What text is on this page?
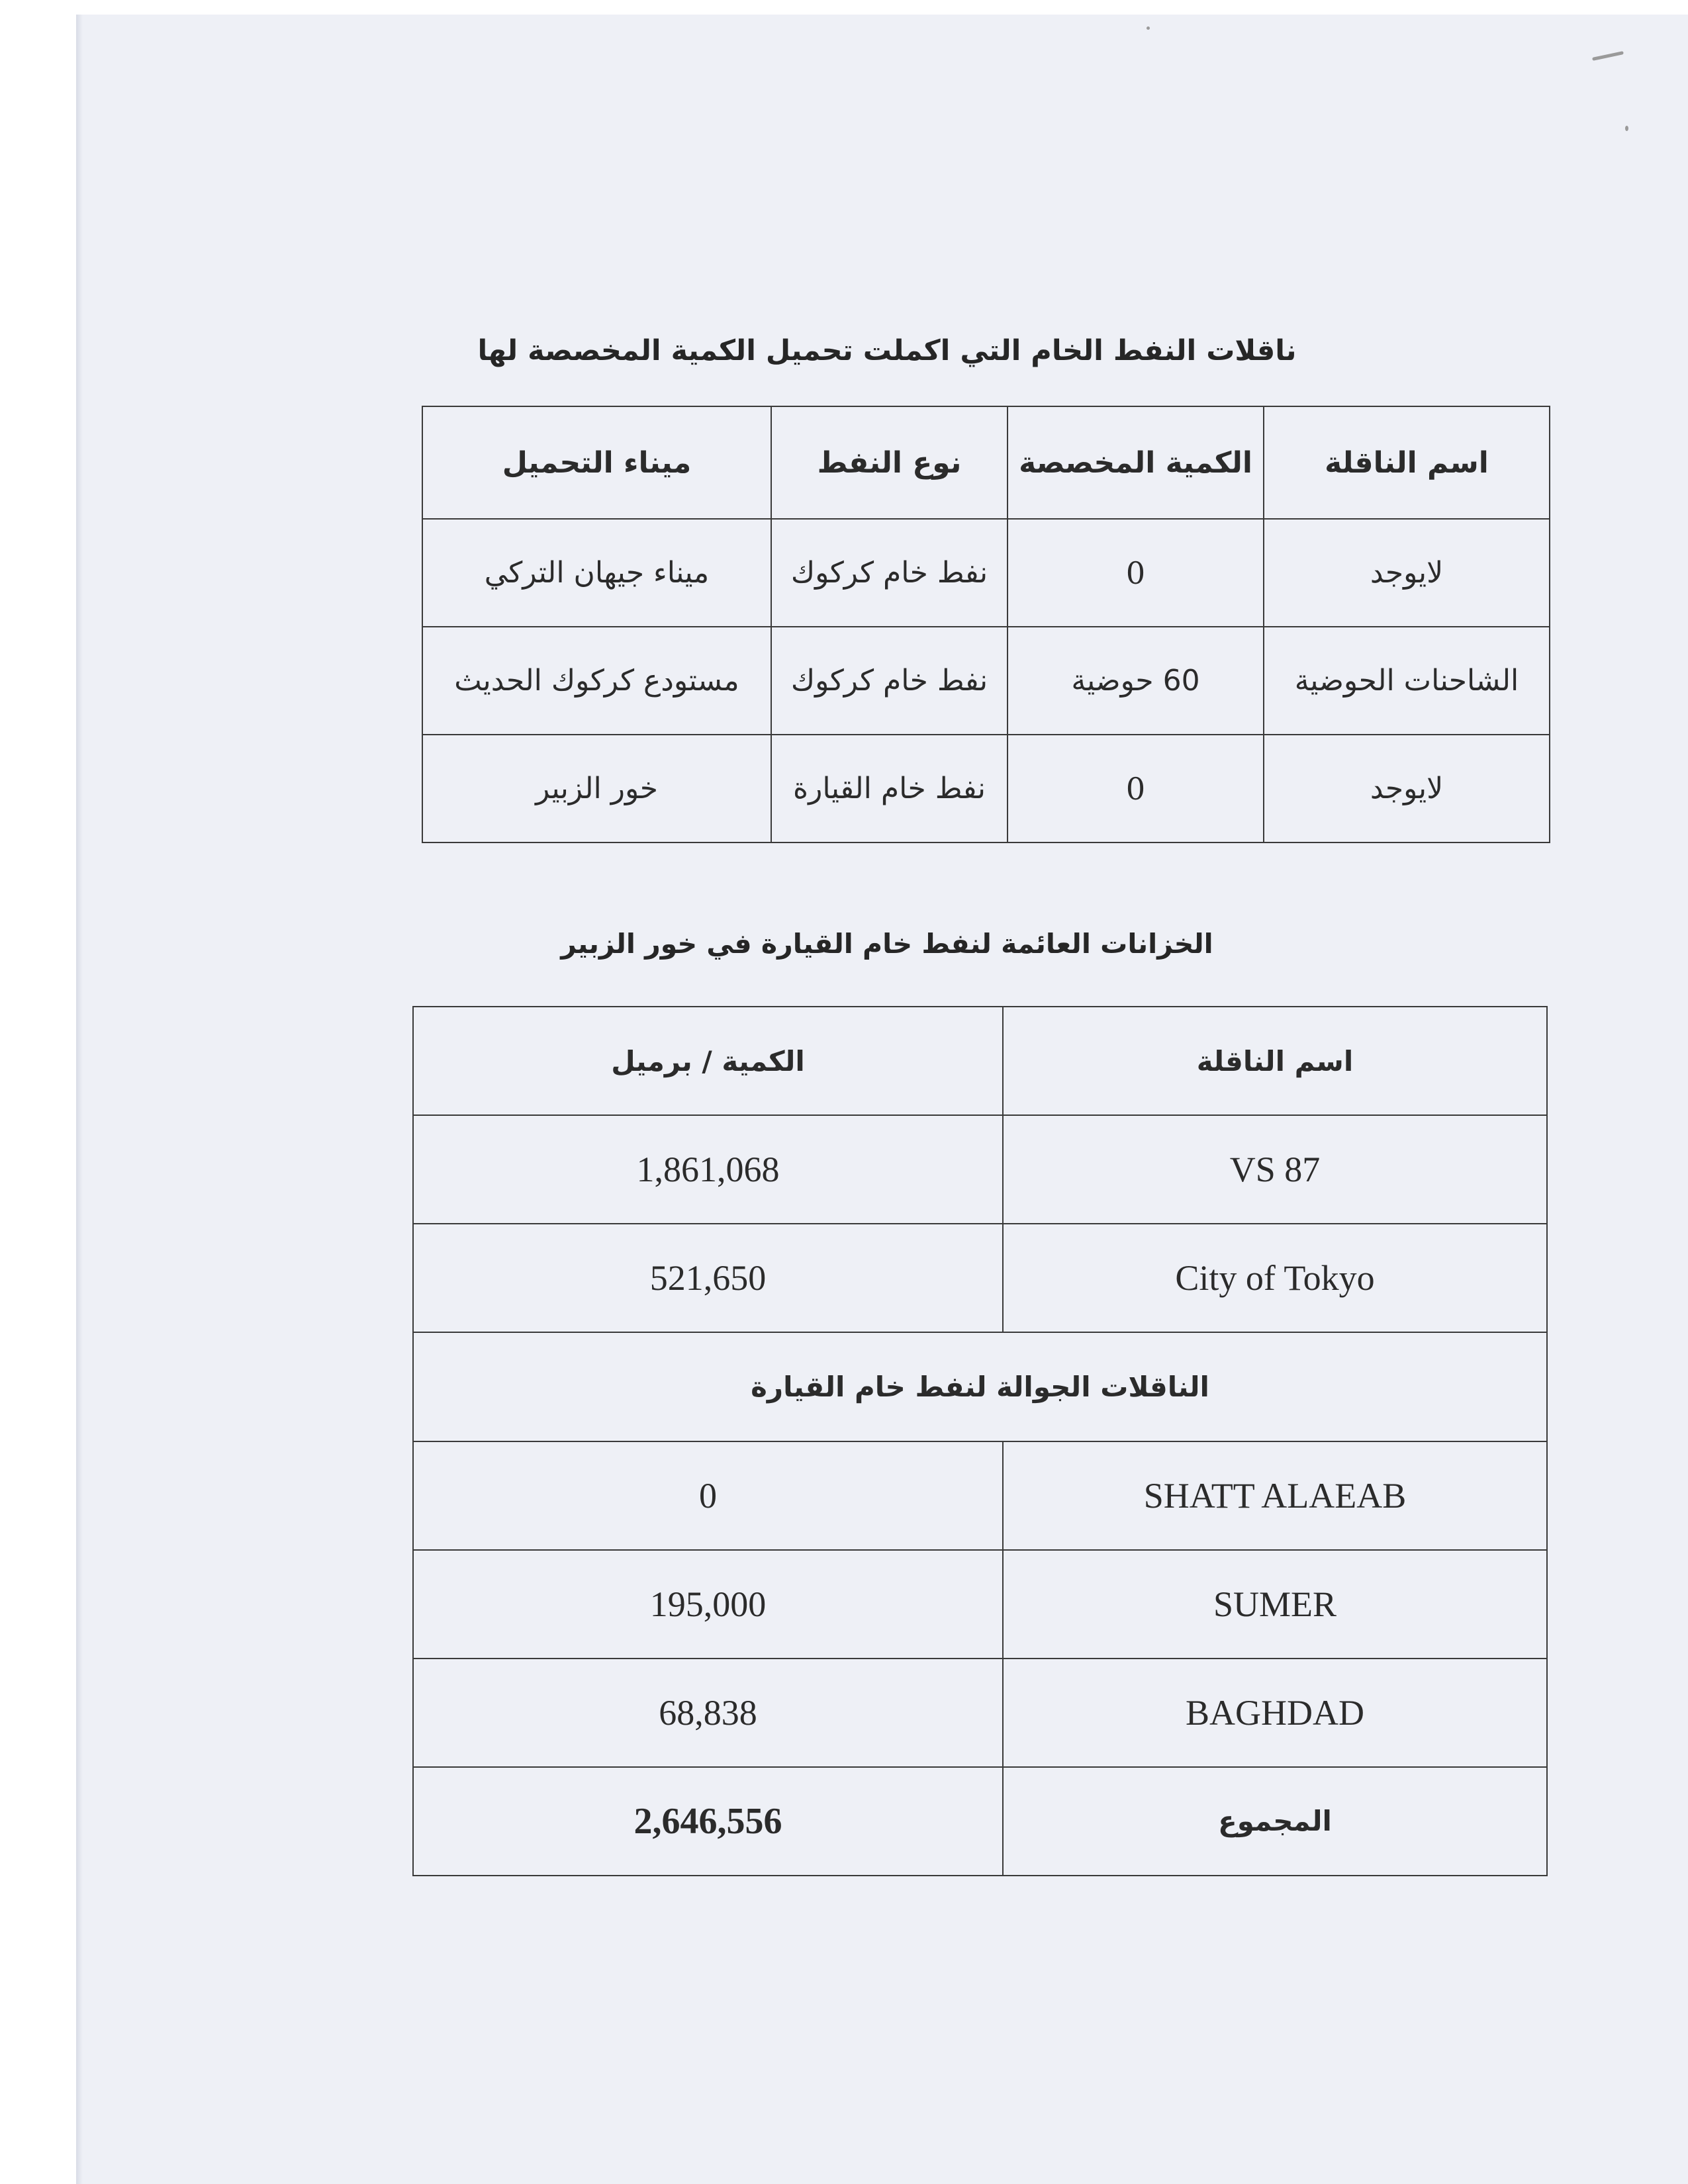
ناقلات النفط الخام التي اكملت تحميل الكمية المخصصة لها
اسم الناقلة	الكمية المخصصة	نوع النفط	ميناء التحميل
لايوجد	0	نفط خام كركوك	ميناء جيهان التركي
الشاحنات الحوضية	60 حوضية	نفط خام كركوك	مستودع كركوك الحديث
لايوجد	0	نفط خام القيارة	خور الزبير
الخزانات العائمة لنفط خام القيارة في خور الزبير
اسم الناقلة	الكمية / برميل
VS 87	1,861,068
City of Tokyo	521,650
الناقلات الجوالة لنفط خام القيارة	
SHATT ALAEAB	0
SUMER	195,000
BAGHDAD	68,838
المجموع	2,646,556
